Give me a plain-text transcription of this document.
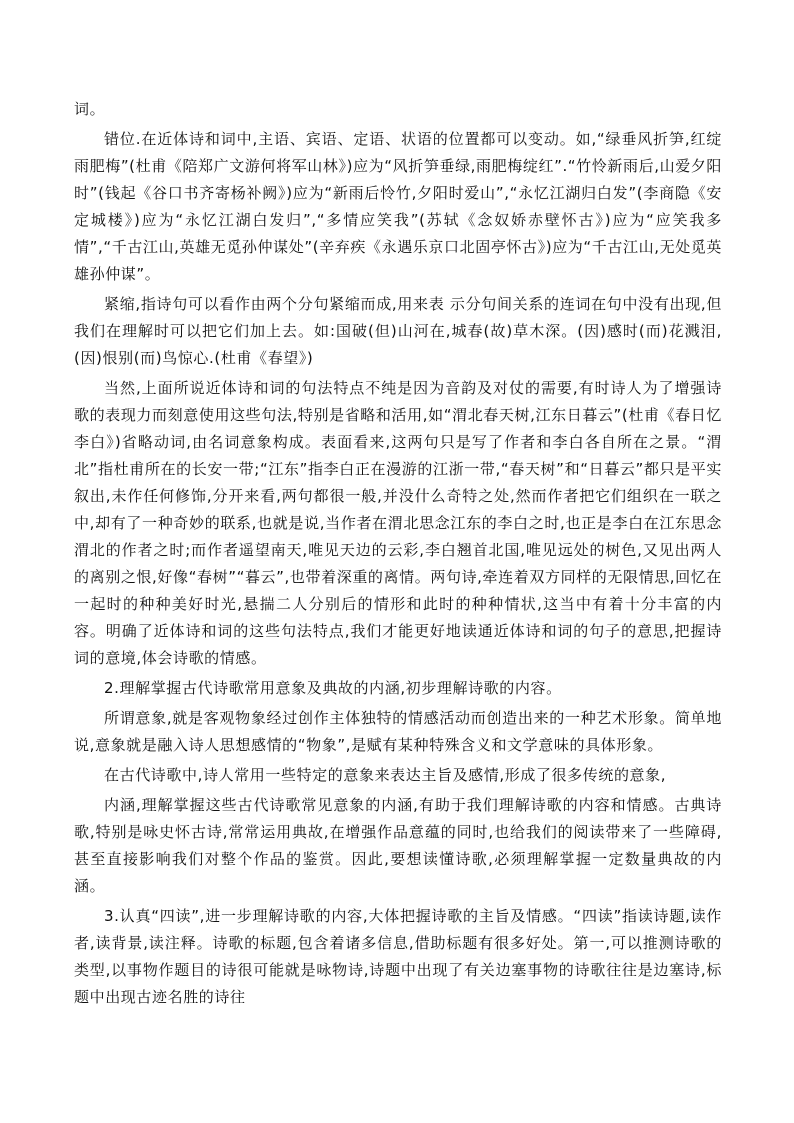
词。

错位.在近体诗和词中,主语、宾语、定语、状语的位置都可以变动。如,“绿垂风折笋,红绽雨肥梅”(杜甫《陪郑广文游何将军山林》)应为“风折笋垂绿,雨肥梅绽红”.“竹怜新雨后,山爱夕阳时”(钱起《谷口书齐寄杨补阙》)应为“新雨后怜竹,夕阳时爱山”,“永忆江湖归白发”(李商隐《安定城楼》)应为“永忆江湖白发归”,“多情应笑我”(苏轼《念奴娇赤壁怀古》)应为“应笑我多情”,“千古江山,英雄无觅孙仲谋处”(辛弃疾《永遇乐京口北固亭怀古》)应为“千古江山,无处觅英雄孙仲谋”。

紧缩,指诗句可以看作由两个分句紧缩而成,用来表 示分句间关系的连词在句中没有出现,但我们在理解时可以把它们加上去。如:国破(但)山河在,城春(故)草木深。(因)感时(而)花溅泪,(因)恨别(而)鸟惊心.(杜甫《春望》)

当然,上面所说近体诗和词的句法特点不纯是因为音韵及对仗的需要,有时诗人为了增强诗歌的表现力而刻意使用这些句法,特别是省略和活用,如“渭北春天树,江东日暮云”(杜甫《春日忆李白》)省略动词,由名词意象构成。表面看来,这两句只是写了作者和李白各自所在之景。“渭北”指杜甫所在的长安一带;“江东”指李白正在漫游的江浙一带,“春天树”和“日暮云”都只是平实叙出,未作任何修饰,分开来看,两句都很一般,并没什么奇特之处,然而作者把它们组织在一联之中,却有了一种奇妙的联系,也就是说,当作者在渭北思念江东的李白之时,也正是李白在江东思念渭北的作者之时;而作者遥望南天,唯见天边的云彩,李白翘首北国,唯见远处的树色,又见出两人的离别之恨,好像“春树”“暮云”,也带着深重的离情。两句诗,牵连着双方同样的无限情思,回忆在一起时的种种美好时光,悬揣二人分别后的情形和此时的种种情状,这当中有着十分丰富的内容。明确了近体诗和词的这些句法特点,我们才能更好地读通近体诗和词的句子的意思,把握诗词的意境,体会诗歌的情感。

2.理解掌握古代诗歌常用意象及典故的内涵,初步理解诗歌的内容。

所谓意象,就是客观物象经过创作主体独特的情感活动而创造出来的一种艺术形象。简单地说,意象就是融入诗人思想感情的“物象”,是赋有某种特殊含义和文学意味的具体形象。

在古代诗歌中,诗人常用一些特定的意象来表达主旨及感情,形成了很多传统的意象,

内涵,理解掌握这些古代诗歌常见意象的内涵,有助于我们理解诗歌的内容和情感。古典诗歌,特别是咏史怀古诗,常常运用典故,在增强作品意蕴的同时,也给我们的阅读带来了一些障碍,甚至直接影响我们对整个作品的鉴赏。因此,要想读懂诗歌,必须理解掌握一定数量典故的内涵。

3.认真“四读”,进一步理解诗歌的内容,大体把握诗歌的主旨及情感。“四读”指读诗题,读作者,读背景,读注释。诗歌的标题,包含着诸多信息,借助标题有很多好处。第一,可以推测诗歌的类型,以事物作题目的诗很可能就是咏物诗,诗题中出现了有关边塞事物的诗歌往往是边塞诗,标题中出现古迹名胜的诗往
